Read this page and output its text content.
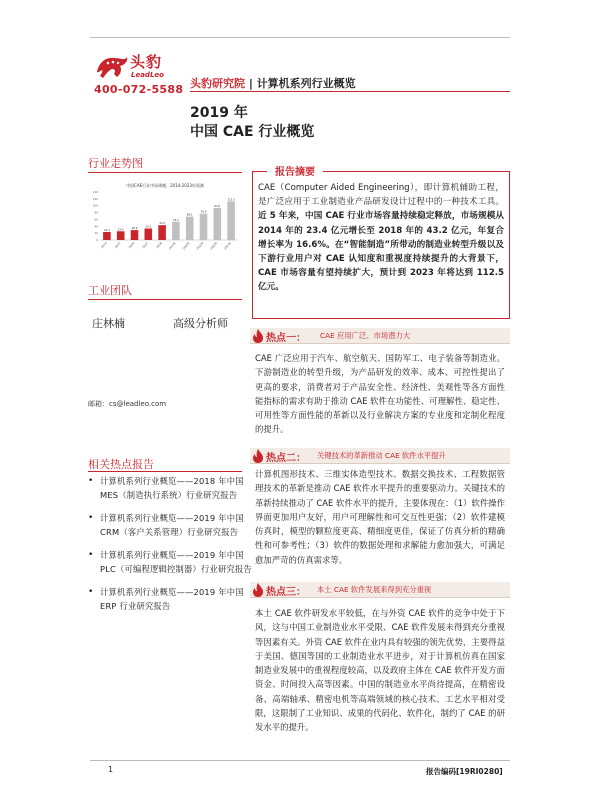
头豹
LeadLeo
400-072-5588 头豹研究院 | 计算机系列行业概览
2019 年
中国 CAE 行业概览
行业走势图
中国CAE行业市场规模，2014-2023年预测
0
20
40
60
80
100
120
140
23.4
2014
25.4
2015
28.9
2016
33.5
2017
43.2
2018
53.2
2019E
68.1
2020E
76.9
2021E
93.6
2022E
112.5
2023E
工业团队
庄林楠	高级分析师
邮箱：cs@leadleo.com
相关热点报告
• 计算机系列行业概览——2018 年中国 MES（制造执行系统）行业研究报告
• 计算机系列行业概览——2019 年中国 CRM（客户关系管理）行业研究报告
• 计算机系列行业概览——2019 年中国 PLC（可编程逻辑控制器）行业研究报告
• 计算机系列行业概览——2019 年中国 ERP 行业研究报告
报告摘要
CAE（Computer Aided Engineering），即计算机辅助工程，是广泛应用于工业制造业产品研发设计过程中的一种技术工具。近 5 年来，中国 CAE 行业市场容量持续稳定释放，市场规模从 2014 年的 23.4 亿元增长至 2018 年的 43.2 亿元，年复合增长率为 16.6%。在“智能制造”所带动的制造业转型升级以及下游行业用户对 CAE 认知度和重视度持续提升的大背景下，CAE 市场容量有望持续扩大，预计到 2023 年将达到 112.5 亿元。
热点一： CAE 应用广泛、市场潜力大
CAE 广泛应用于汽车、航空航天、国防军工、电子装备等制造业。下游制造业的转型升级，为产品研发的效率、成本、可控性提出了更高的要求，消费者对于产品安全性、经济性、美观性等各方面性能指标的需求有助于推动 CAE 软件在功能性、可理解性、稳定性、可用性等方面性能的革新以及行业解决方案的专业度和定制化程度的提升。
热点二： 关键技术的革新推动 CAE 软件水平提升
计算机图形技术、三维实体造型技术、数据交换技术、工程数据管理技术的革新是推动 CAE 软件水平提升的重要驱动力。关键技术的革新持续推动了 CAE 软件水平的提升，主要体现在：（1）软件操作界面更加用户友好，用户可理解性和可交互性更强；（2）软件建模仿真时，模型的颗粒度更高、精细度更佳，保证了仿真分析的精确性和可参考性；（3）软件的数据处理和求解能力愈加强大，可满足愈加严苛的仿真需求等。
热点三： 本土 CAE 软件发展来得到充分重视
本土 CAE 软件研发水平较低，在与外资 CAE 软件的竞争中处于下风，这与中国工业制造业水平受限、CAE 软件发展未得到充分重视等因素有关。外资 CAE 软件在业内具有较强的领先优势，主要得益于美国、德国等国的工业制造业水平进步，对于计算机仿真在国家制造业发展中的重视程度较高，以及政府主体在 CAE 软件开发方面资金、时间投入高等因素。中国的制造业水平尚待提高，在精密设备、高端轴承、精密电机等高端领域的核心技术、工艺水平相对受限，这限制了工业知识、成果的代码化、软件化，制约了 CAE 的研发水平的提升。
1	报告编码[19RI0280]
